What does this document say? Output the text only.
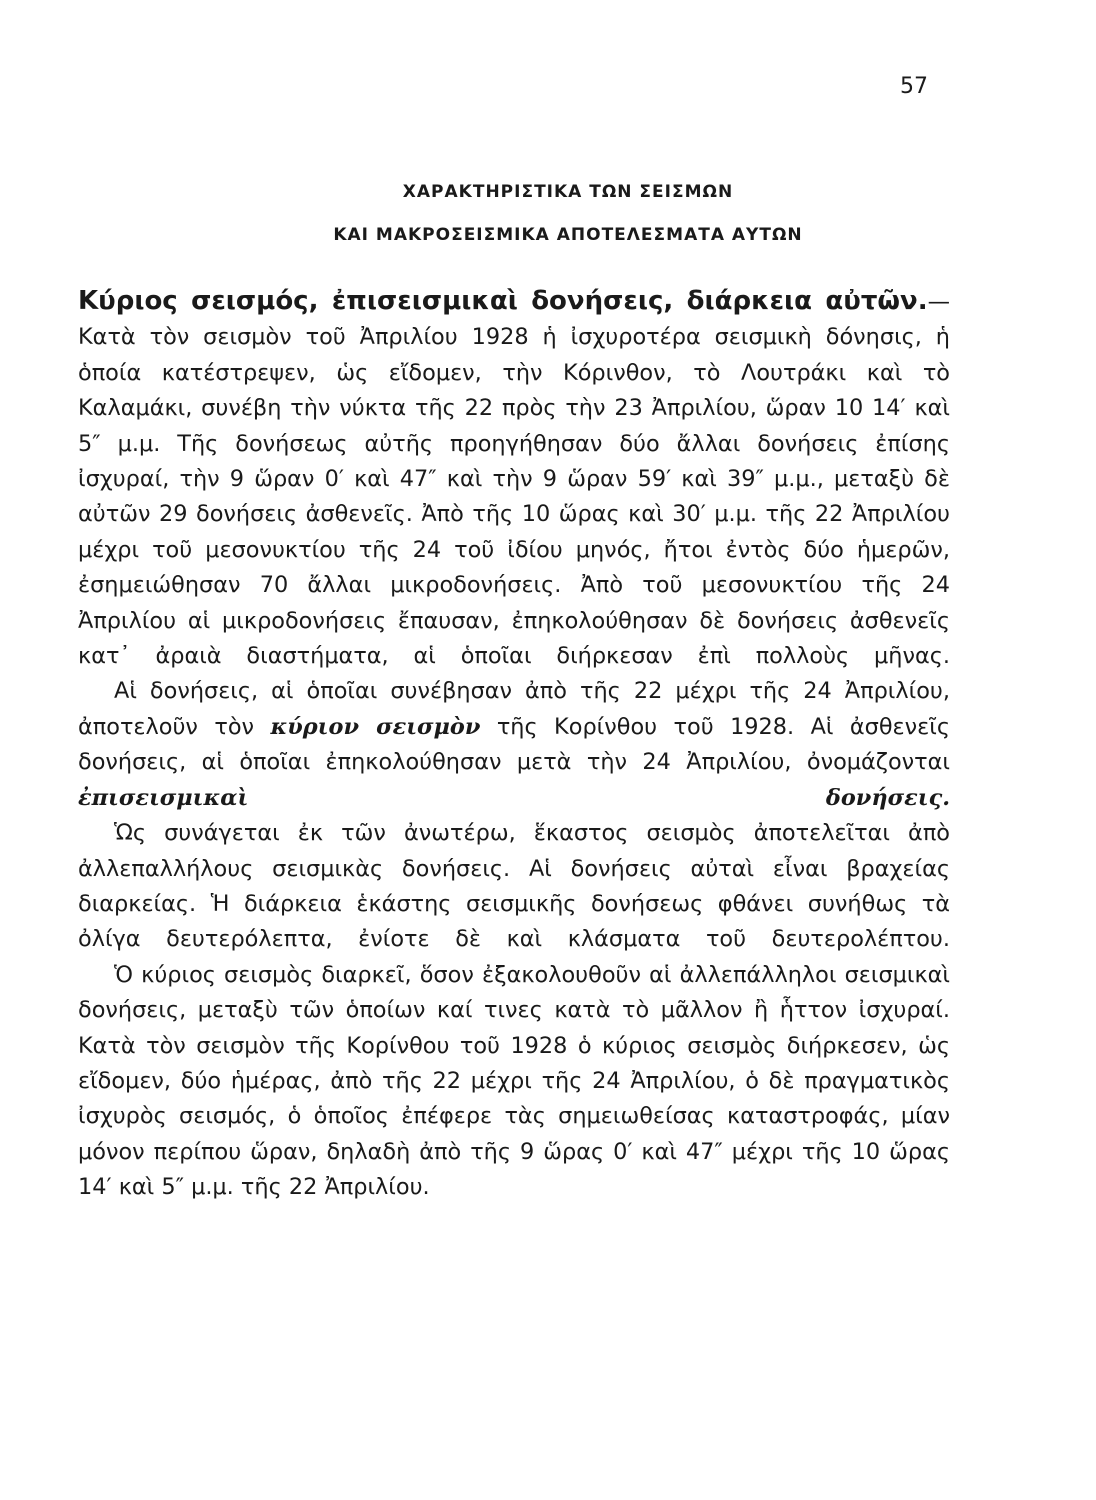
57
ΧΑΡΑΚΤΗΡΙΣΤΙΚΑ ΤΩΝ ΣΕΙΣΜΩΝ
ΚΑΙ ΜΑΚΡΟΣΕΙΣΜΙΚΑ ΑΠΟΤΕΛΕΣΜΑΤΑ ΑΥΤΩΝ

Κύριος σεισμός, ἐπισεισμικαὶ δονήσεις, διάρκεια αὐτῶν.— Κατὰ τὸν σεισμὸν τοῦ Ἀπριλίου 1928 ἡ ἰσχυροτέρα σεισμικὴ δόνησις, ἡ ὁποία κατέστρεψεν, ὡς εἴδομεν, τὴν Κόρινθον, τὸ Λουτράκι καὶ τὸ Καλαμάκι, συνέβη τὴν νύκτα τῆς 22 πρὸς τὴν 23 Ἀπριλίου, ὥραν 10 14′ καὶ 5″ μ.μ. Τῆς δονήσεως αὐτῆς προηγήθησαν δύο ἄλλαι δονήσεις ἐπίσης ἰσχυραί, τὴν 9 ὥραν 0′ καὶ 47″ καὶ τὴν 9 ὥραν 59′ καὶ 39″ μ.μ., μεταξὺ δὲ αὐτῶν 29 δονήσεις ἀσθενεῖς. Ἀπὸ τῆς 10 ὥρας καὶ 30′ μ.μ. τῆς 22 Ἀπριλίου μέχρι τοῦ μεσονυκτίου τῆς 24 τοῦ ἰδίου μηνός, ἤτοι ἐντὸς δύο ἡμερῶν, ἐσημειώθησαν 70 ἄλλαι μικροδονήσεις. Ἀπὸ τοῦ μεσονυκτίου τῆς 24 Ἀπριλίου αἱ μικροδονήσεις ἔπαυσαν, ἐπηκολούθησαν δὲ δονήσεις ἀσθενεῖς κατ᾽ ἀραιὰ διαστήματα, αἱ ὁποῖαι διήρκεσαν ἐπὶ πολλοὺς μῆνας.

Αἱ δονήσεις, αἱ ὁποῖαι συνέβησαν ἀπὸ τῆς 22 μέχρι τῆς 24 Ἀπριλίου, ἀποτελοῦν τὸν κύριον σεισμὸν τῆς Κορίνθου τοῦ 1928. Αἱ ἀσθενεῖς δονήσεις, αἱ ὁποῖαι ἐπηκολούθησαν μετὰ τὴν 24 Ἀπριλίου, ὀνομάζονται ἐπισεισμικαὶ δονήσεις.

Ὡς συνάγεται ἐκ τῶν ἀνωτέρω, ἕκαστος σεισμὸς ἀποτελεῖται ἀπὸ ἀλλεπαλλήλους σεισμικὰς δονήσεις. Αἱ δονήσεις αὐταὶ εἶναι βραχείας διαρκείας. Ἡ διάρκεια ἑκάστης σεισμικῆς δονήσεως φθάνει συνήθως τὰ ὀλίγα δευτερόλεπτα, ἐνίοτε δὲ καὶ κλάσματα τοῦ δευτερολέπτου.

Ὁ κύριος σεισμὸς διαρκεῖ, ὅσον ἐξακολουθοῦν αἱ ἀλλεπάλληλοι σεισμικαὶ δονήσεις, μεταξὺ τῶν ὁποίων καί τινες κατὰ τὸ μᾶλλον ἢ ἧττον ἰσχυραί. Κατὰ τὸν σεισμὸν τῆς Κορίνθου τοῦ 1928 ὁ κύριος σεισμὸς διήρκεσεν, ὡς εἴδομεν, δύο ἡμέρας, ἀπὸ τῆς 22 μέχρι τῆς 24 Ἀπριλίου, ὁ δὲ πραγματικὸς ἰσχυρὸς σεισμός, ὁ ὁποῖος ἐπέφερε τὰς σημειωθείσας καταστροφάς, μίαν μόνον περίπου ὥραν, δηλαδὴ ἀπὸ τῆς 9 ὥρας 0′ καὶ 47″ μέχρι τῆς 10 ὥρας 14′ καὶ 5″ μ.μ. τῆς 22 Ἀπριλίου.
